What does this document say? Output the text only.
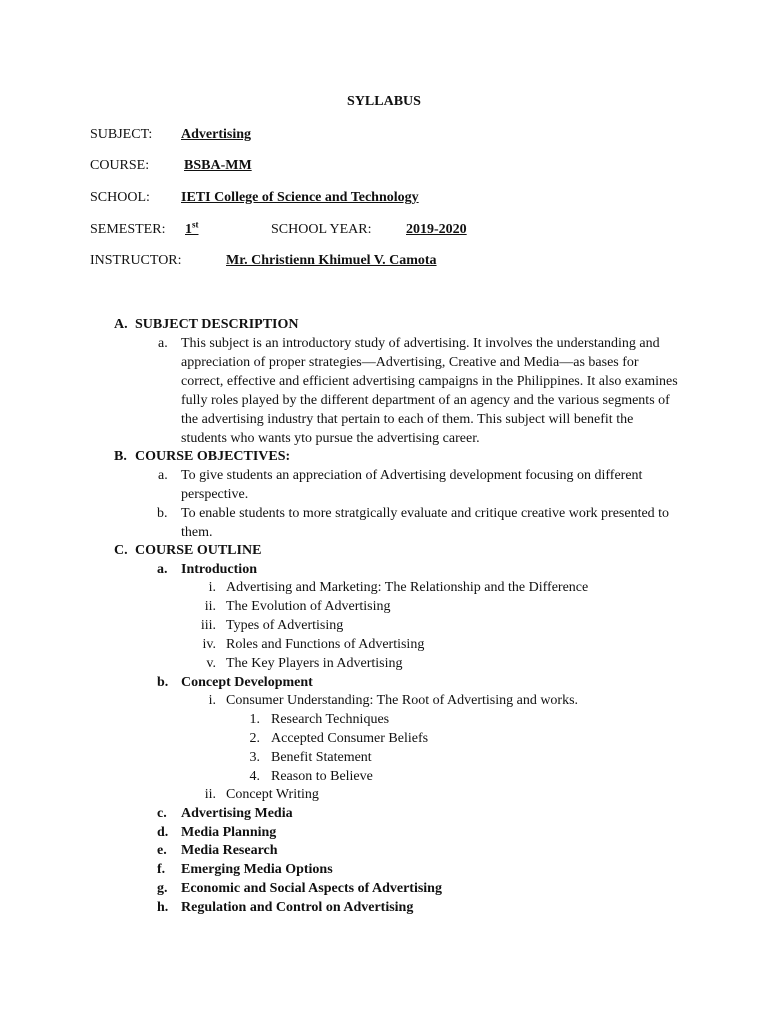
SYLLABUS
SUBJECT: Advertising
COURSE: BSBA-MM
SCHOOL: IETI College of Science and Technology
SEMESTER: 1st	SCHOOL YEAR: 2019-2020
INSTRUCTOR:	Mr. Christienn Khimuel V. Camota
A. SUBJECT DESCRIPTION
a. This subject is an introductory study of advertising. It involves the understanding and appreciation of proper strategies—Advertising, Creative and Media—as bases for correct, effective and efficient advertising campaigns in the Philippines. It also examines fully roles played by the different department of an agency and the various segments of the advertising industry that pertain to each of them. This subject will benefit the students who wants yto pursue the advertising career.
B. COURSE OBJECTIVES:
a. To give students an appreciation of Advertising development focusing on different perspective.
b. To enable students to more stratgically evaluate and critique creative work presented to them.
C. COURSE OUTLINE
a. Introduction
i. Advertising and Marketing: The Relationship and the Difference
ii. The Evolution of Advertising
iii. Types of Advertising
iv. Roles and Functions of Advertising
v. The Key Players in Advertising
b. Concept Development
i. Consumer Understanding: The Root of Advertising and works.
1. Research Techniques
2. Accepted Consumer Beliefs
3. Benefit Statement
4. Reason to Believe
ii. Concept Writing
c. Advertising Media
d. Media Planning
e. Media Research
f. Emerging Media Options
g. Economic and Social Aspects of Advertising
h. Regulation and Control on Advertising
